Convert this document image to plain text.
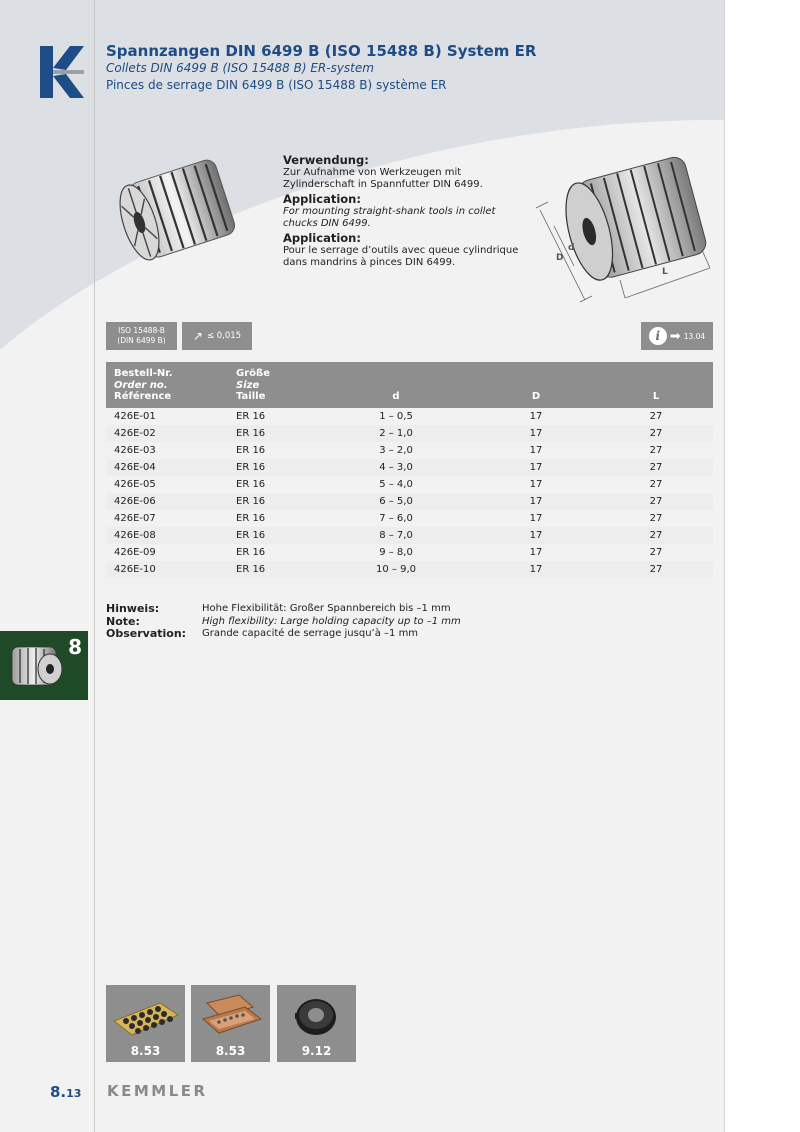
Spannzangen DIN 6499 B (ISO 15488 B) System ER
Collets DIN 6499 B (ISO 15488 B) ER-system
Pinces de serrage DIN 6499 B (ISO 15488 B) système ER
Verwendung:
Zur Aufnahme von Werkzeugen mit Zylinderschaft in Spannfutter DIN 6499.
Application:
For mounting straight-shank tools in collet chucks DIN 6499.
Application:
Pour le serrage d’outils avec queue cylindrique dans mandrins à pinces DIN 6499.	D
d
L
ISO 15488-B
(DIN 6499 B)	↗ ≤ 0,015	i ➡ 13.04
Bestell-Nr.
Order no.
Référence
Größe
Size
Taille	d	D	L
426E-01	ER 16	1 – 0,5	17	27
426E-02	ER 16	2 – 1,0	17	27
426E-03	ER 16	3 – 2,0	17	27
426E-04	ER 16	4 – 3,0	17	27
426E-05	ER 16	5 – 4,0	17	27
426E-06	ER 16	6 – 5,0	17	27
426E-07	ER 16	7 – 6,0	17	27
426E-08	ER 16	8 – 7,0	17	27
426E-09	ER 16	9 – 8,0	17	27
426E-10	ER 16	10 – 9,0	17	27
Hinweis:	Hohe Flexibilität: Großer Spannbereich bis –1 mm
Note:	High flexibility: Large holding capacity up to –1 mm
Observation:	Grande capacité de serrage jusqu’à –1 mm
8
8.53	8.53	9.12
8.13 KEMMLER
